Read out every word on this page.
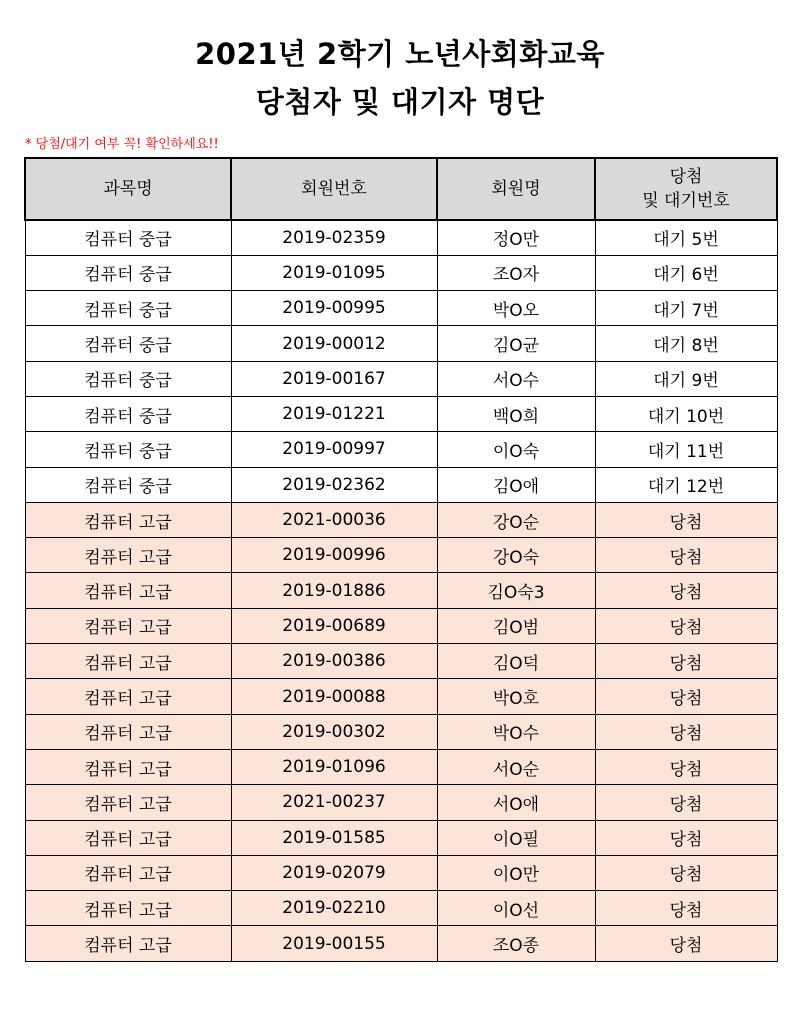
2021년 2학기 노년사회화교육
당첨자 및 대기자 명단
* 당첨/대기 여부 꼭! 확인하세요!!
과목명	회원번호	회원명	당첨
및 대기번호
컴퓨터 중급	2019-02359	정O만	대기 5번
컴퓨터 중급	2019-01095	조O자	대기 6번
컴퓨터 중급	2019-00995	박O오	대기 7번
컴퓨터 중급	2019-00012	김O균	대기 8번
컴퓨터 중급	2019-00167	서O수	대기 9번
컴퓨터 중급	2019-01221	백O희	대기 10번
컴퓨터 중급	2019-00997	이O숙	대기 11번
컴퓨터 중급	2019-02362	김O애	대기 12번
컴퓨터 고급	2021-00036	강O순	당첨
컴퓨터 고급	2019-00996	강O숙	당첨
컴퓨터 고급	2019-01886	김O숙3	당첨
컴퓨터 고급	2019-00689	김O범	당첨
컴퓨터 고급	2019-00386	김O덕	당첨
컴퓨터 고급	2019-00088	박O호	당첨
컴퓨터 고급	2019-00302	박O수	당첨
컴퓨터 고급	2019-01096	서O순	당첨
컴퓨터 고급	2021-00237	서O애	당첨
컴퓨터 고급	2019-01585	이O필	당첨
컴퓨터 고급	2019-02079	이O만	당첨
컴퓨터 고급	2019-02210	이O선	당첨
컴퓨터 고급	2019-00155	조O종	당첨
